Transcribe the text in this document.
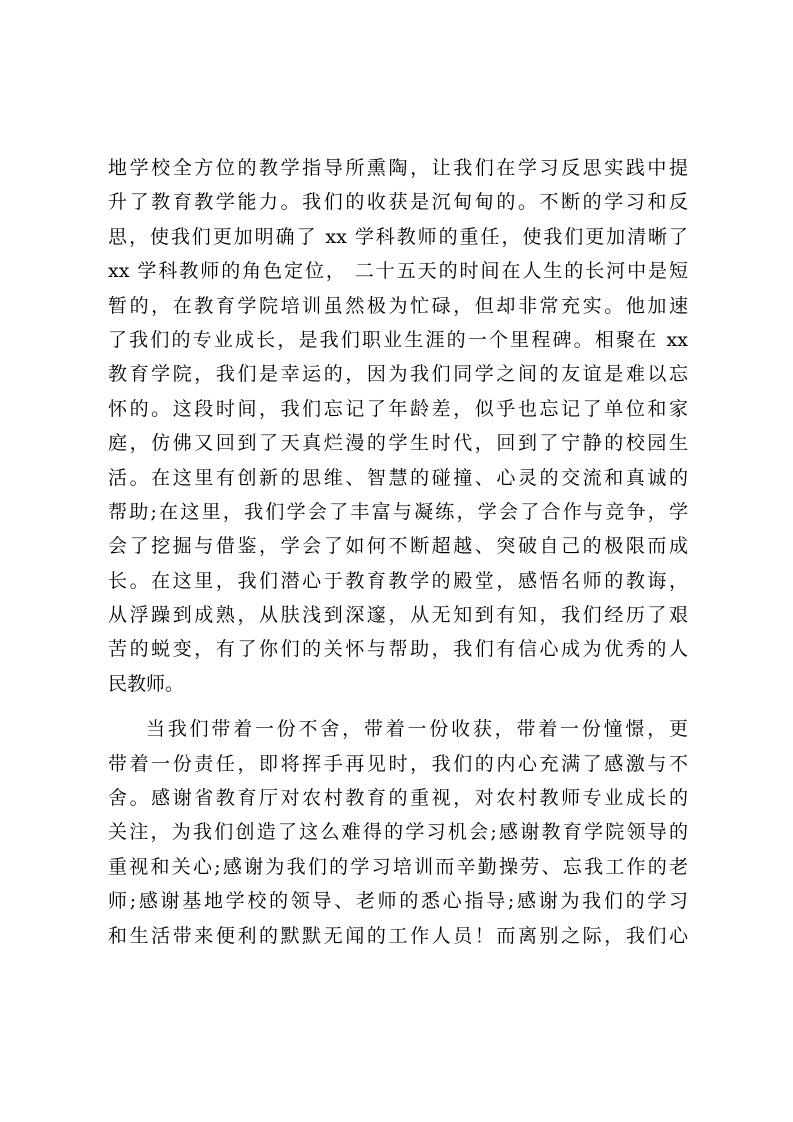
地学校全方位的教学指导所熏陶，让我们在学习反思实践中提
升了教育教学能力。我们的收获是沉甸甸的。不断的学习和反
思，使我们更加明确了 xx 学科教师的重任，使我们更加清晰了
xx 学科教师的角色定位， 二十五天的时间在人生的长河中是短
暂的，在教育学院培训虽然极为忙碌，但却非常充实。他加速
了我们的专业成长，是我们职业生涯的一个里程碑。相聚在 xx
教育学院，我们是幸运的，因为我们同学之间的友谊是难以忘
怀的。这段时间，我们忘记了年龄差，似乎也忘记了单位和家
庭，仿佛又回到了天真烂漫的学生时代，回到了宁静的校园生
活。在这里有创新的思维、智慧的碰撞、心灵的交流和真诚的
帮助;在这里，我们学会了丰富与凝练，学会了合作与竞争，学
会了挖掘与借鉴，学会了如何不断超越、突破自己的极限而成
长。在这里，我们潜心于教育教学的殿堂，感悟名师的教诲，
从浮躁到成熟，从肤浅到深邃，从无知到有知，我们经历了艰
苦的蜕变，有了你们的关怀与帮助，我们有信心成为优秀的人
民教师。
当我们带着一份不舍，带着一份收获，带着一份憧憬，更
带着一份责任，即将挥手再见时，我们的内心充满了感激与不
舍。感谢省教育厅对农村教育的重视，对农村教师专业成长的
关注，为我们创造了这么难得的学习机会;感谢教育学院领导的
重视和关心;感谢为我们的学习培训而辛勤操劳、忘我工作的老
师;感谢基地学校的领导、老师的悉心指导;感谢为我们的学习
和生活带来便利的默默无闻的工作人员！而离别之际，我们心
